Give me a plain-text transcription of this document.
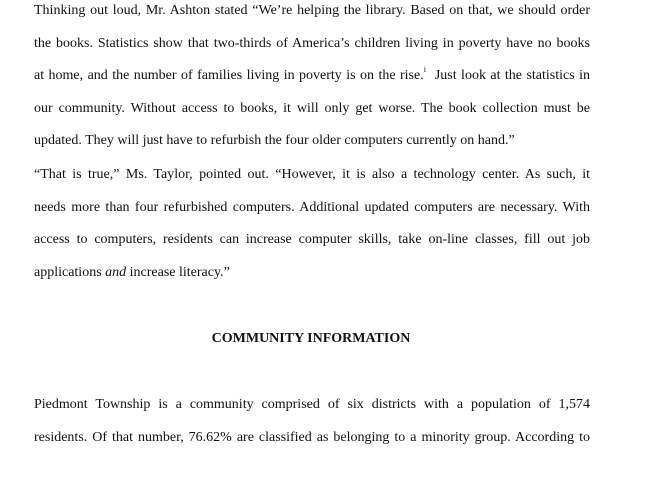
Thinking out loud, Mr. Ashton stated “We’re helping the library. Based on that, we should order
the books. Statistics show that two-thirds of America’s children living in poverty have no books
at home, and the number of families living in poverty is on the rise.$^i$ Just look at the statistics in
our community. Without access to books, it will only get worse. The book collection must be
updated. They will just have to refurbish the four older computers currently on hand.”
“That is true,” Ms. Taylor, pointed out. “However, it is also a technology center. As such, it
needs more than four refurbished computers. Additional updated computers are necessary. With
access to computers, residents can increase computer skills, take on-line classes, fill out job
applications and increase literacy.”
COMMUNITY INFORMATION
Piedmont Township is a community comprised of six districts with a population of 1,574
residents. Of that number, 76.62% are classified as belonging to a minority group. According to
